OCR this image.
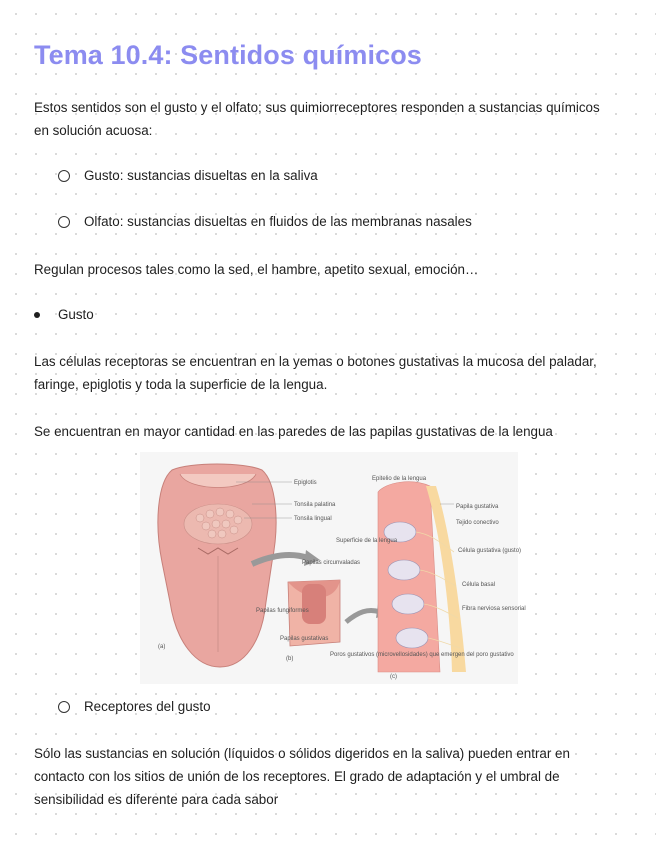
Tema 10.4: Sentidos químicos

Estos sentidos son el gusto y el olfato; sus quimiorreceptores responden a sustancias químicos en solución acuosa:

Gusto: sustancias disueltas en la saliva
Olfato: sustancias disueltas en fluidos de las membranas nasales

Regulan procesos tales como la sed, el hambre, apetito sexual, emoción…

Gusto

Las células receptoras se encuentran en la yemas o botones gustativas la mucosa del paladar, faringe, epiglotis y toda la superficie de la lengua.

Se encuentran en mayor cantidad en las paredes de las papilas gustativas de la lengua

Epiglotis
Tonsila palatina
Tonsila lingual
Papilas circunvaladas
Papilas fungiformes
Papilas gustativas
Epitelio de la lengua
Papila gustativa
Tejido conectivo
Superficie de la lengua
Célula gustativa (gusto)
Célula basal
Fibra nerviosa sensorial
Poros gustativos (microvellosidades) que emergen del poro gustativo
(a)
(b)
(c)
Receptores del gusto

Sólo las sustancias en solución (líquidos o sólidos digeridos en la saliva) pueden entrar en contacto con los sitios de unión de los receptores. El grado de adaptación y el umbral de sensibilidad es diferente para cada sabor
